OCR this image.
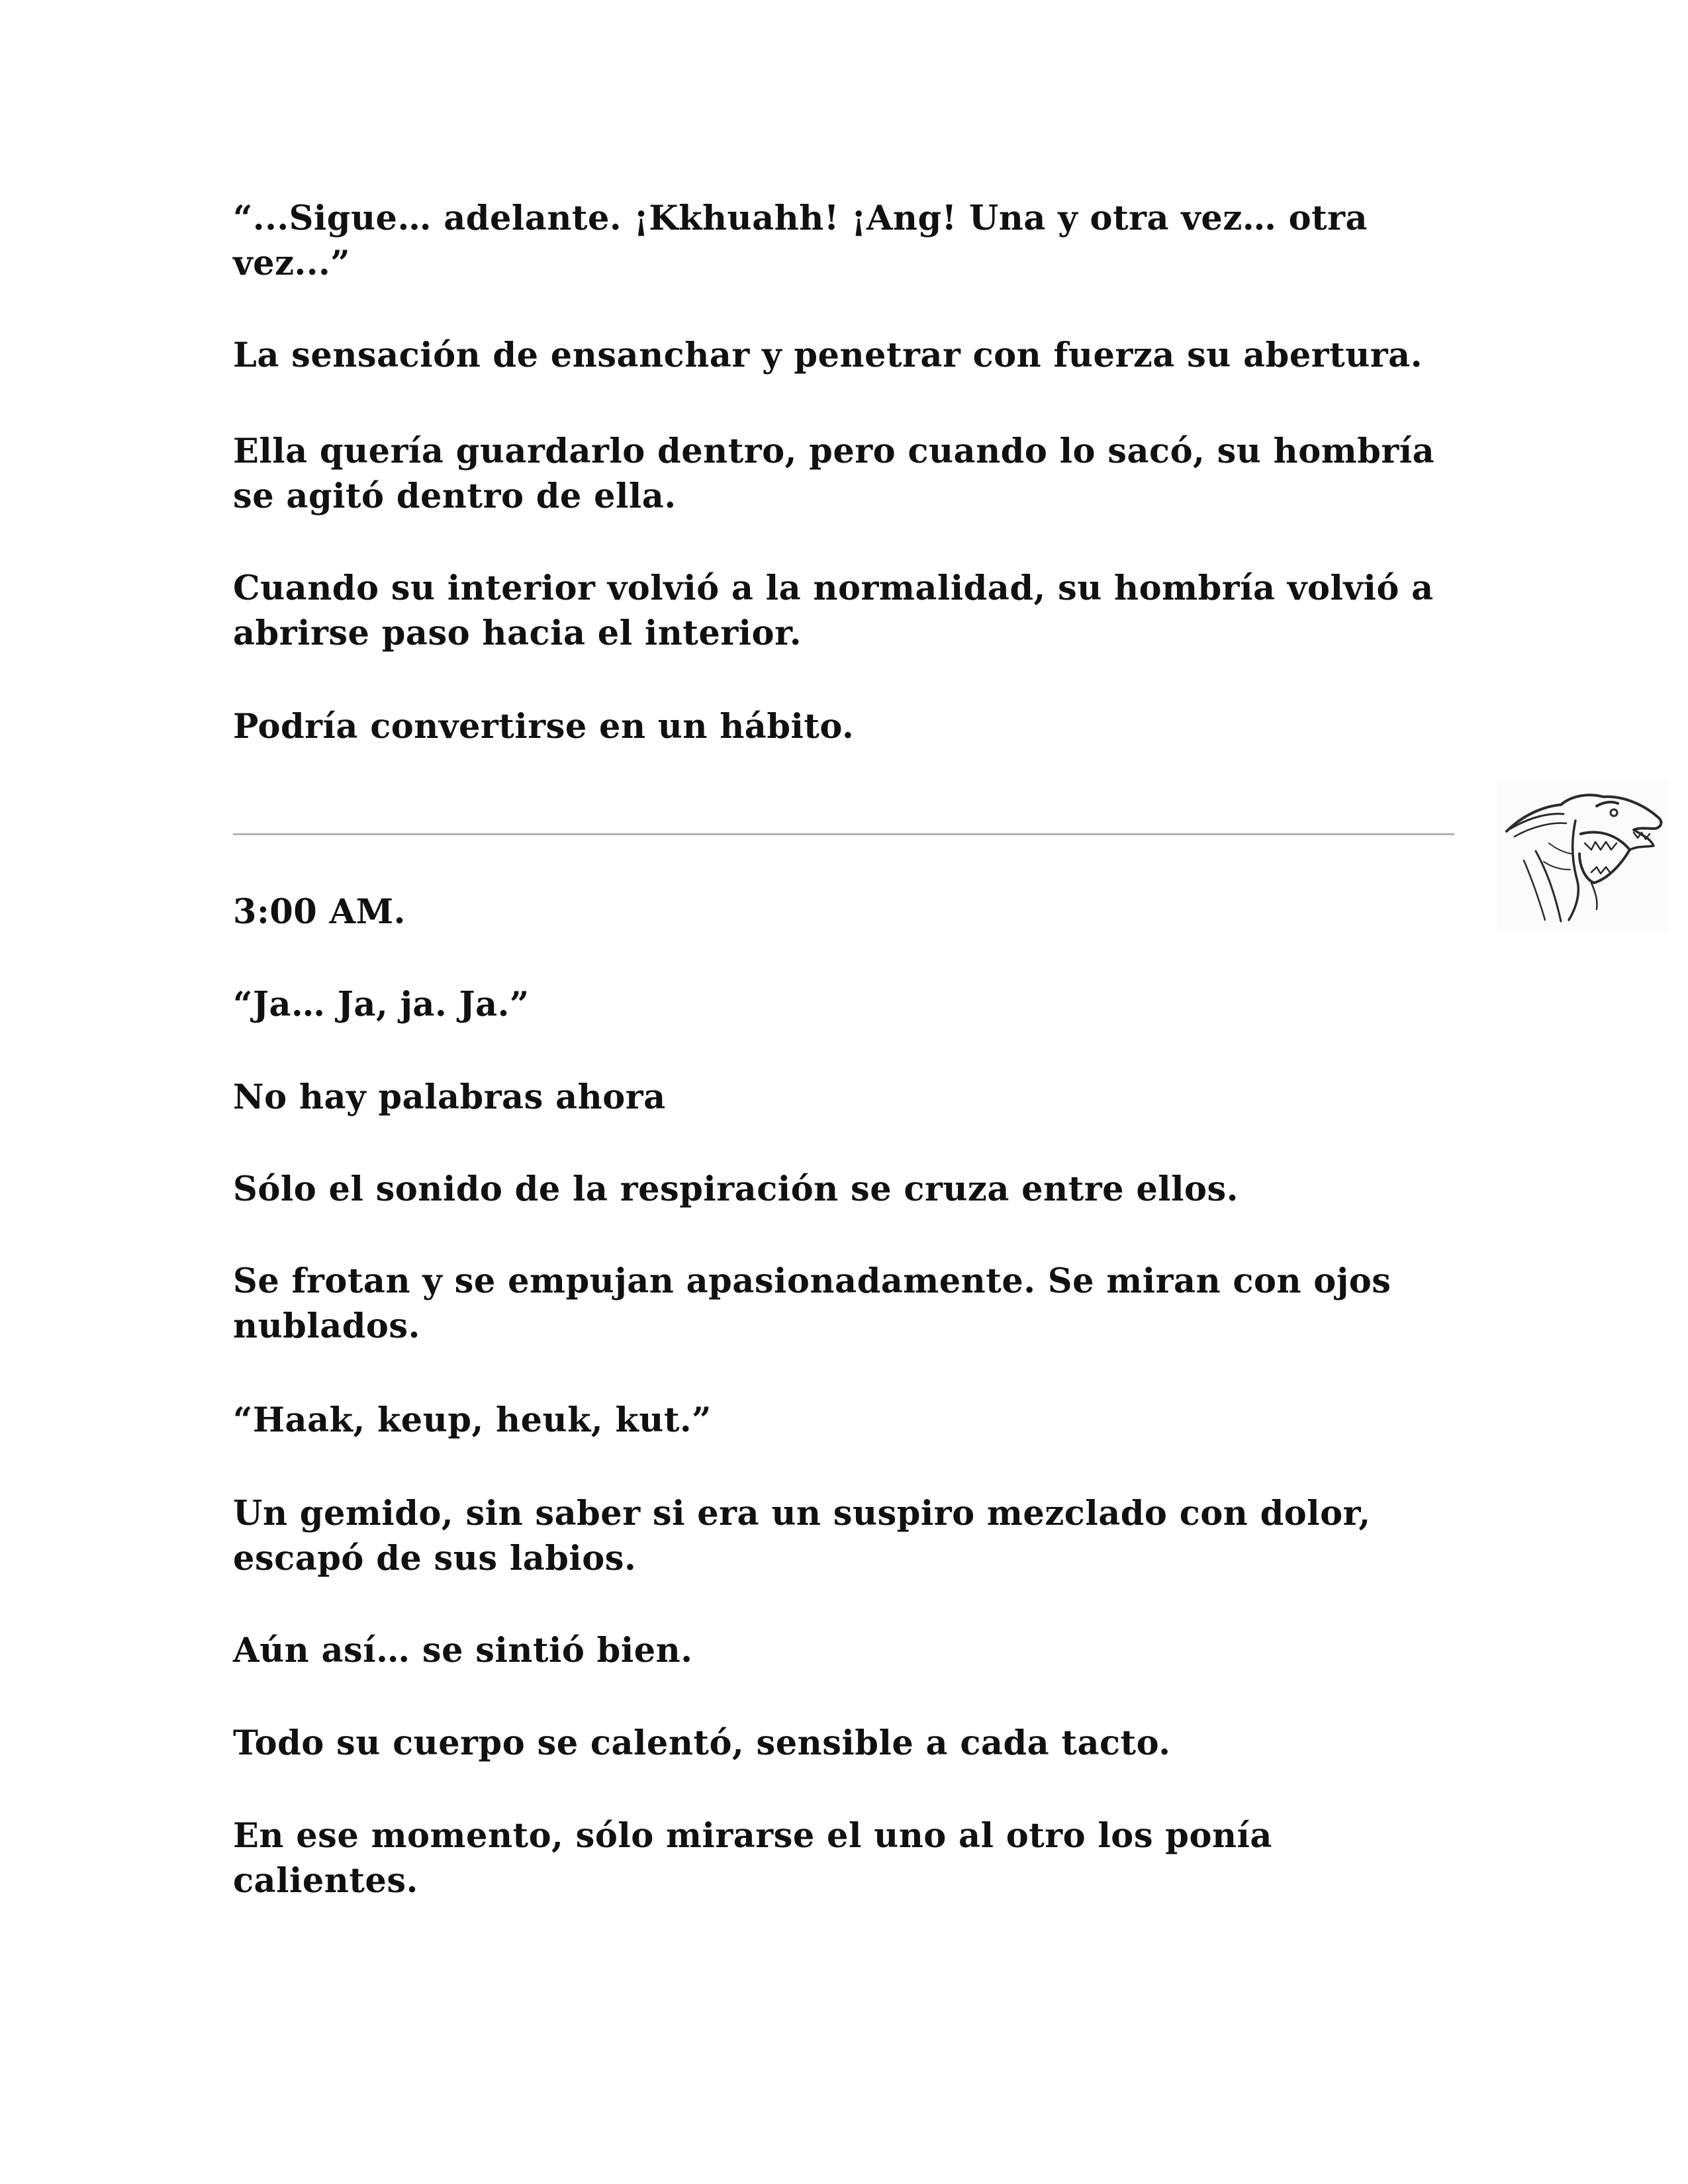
“...Sigue… adelante. ¡Kkhuahh! ¡Ang! Una y otra vez… otra vez...”

La sensación de ensanchar y penetrar con fuerza su abertura.

Ella quería guardarlo dentro, pero cuando lo sacó, su hombría se agitó dentro de ella.

Cuando su interior volvió a la normalidad, su hombría volvió a abrirse paso hacia el interior.

Podría convertirse en un hábito.

3:00 AM.

“Ja… Ja, ja. Ja.”

No hay palabras ahora

Sólo el sonido de la respiración se cruza entre ellos.

Se frotan y se empujan apasionadamente. Se miran con ojos nublados.

“Haak, keup, heuk, kut.”

Un gemido, sin saber si era un suspiro mezclado con dolor, escapó de sus labios.

Aún así… se sintió bien.

Todo su cuerpo se calentó, sensible a cada tacto.

En ese momento, sólo mirarse el uno al otro los ponía calientes.
